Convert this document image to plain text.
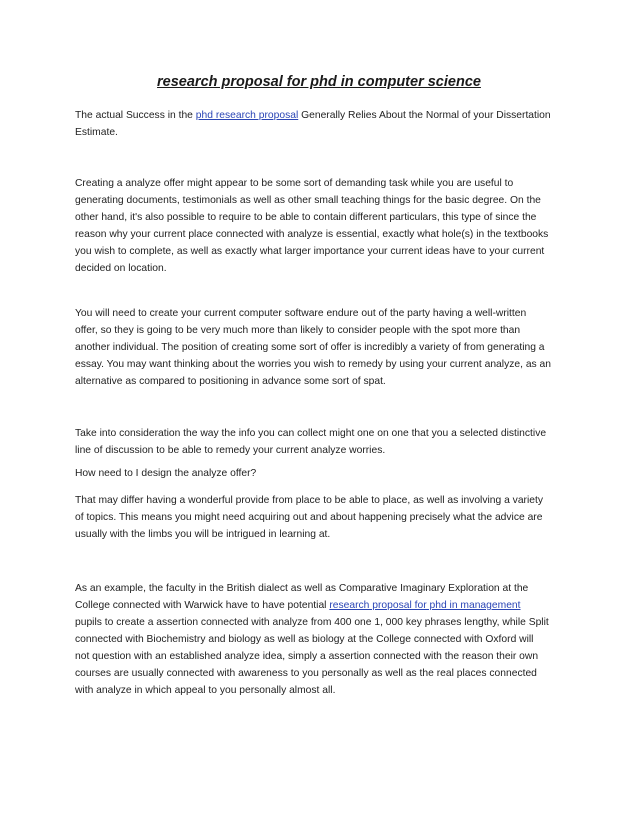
research proposal for phd in computer science

The actual Success in the phd research proposal Generally Relies About the Normal of your Dissertation
Estimate.

Creating a analyze offer might appear to be some sort of demanding task while you are useful to
generating documents, testimonials as well as other small teaching things for the basic degree. On the
other hand, it's also possible to require to be able to contain different particulars, this type of since the
reason why your current place connected with analyze is essential, exactly what hole(s) in the textbooks
you wish to complete, as well as exactly what larger importance your current ideas have to your current
decided on location.

You will need to create your current computer software endure out of the party having a well-written
offer, so they is going to be very much more than likely to consider people with the spot more than
another individual. The position of creating some sort of offer is incredibly a variety of from generating a
essay. You may want thinking about the worries you wish to remedy by using your current analyze, as an
alternative as compared to positioning in advance some sort of spat.

Take into consideration the way the info you can collect might one on one that you a selected distinctive
line of discussion to be able to remedy your current analyze worries.

How need to I design the analyze offer?

That may differ having a wonderful provide from place to be able to place, as well as involving a variety
of topics. This means you might need acquiring out and about happening precisely what the advice are
usually with the limbs you will be intrigued in learning at.

As an example, the faculty in the British dialect as well as Comparative Imaginary Exploration at the
College connected with Warwick have to have potential research proposal for phd in management
pupils to create a assertion connected with analyze from 400 one 1, 000 key phrases lengthy, while Split
connected with Biochemistry and biology as well as biology at the College connected with Oxford will
not question with an established analyze idea, simply a assertion connected with the reason their own
courses are usually connected with awareness to you personally as well as the real places connected
with analyze in which appeal to you personally almost all.
